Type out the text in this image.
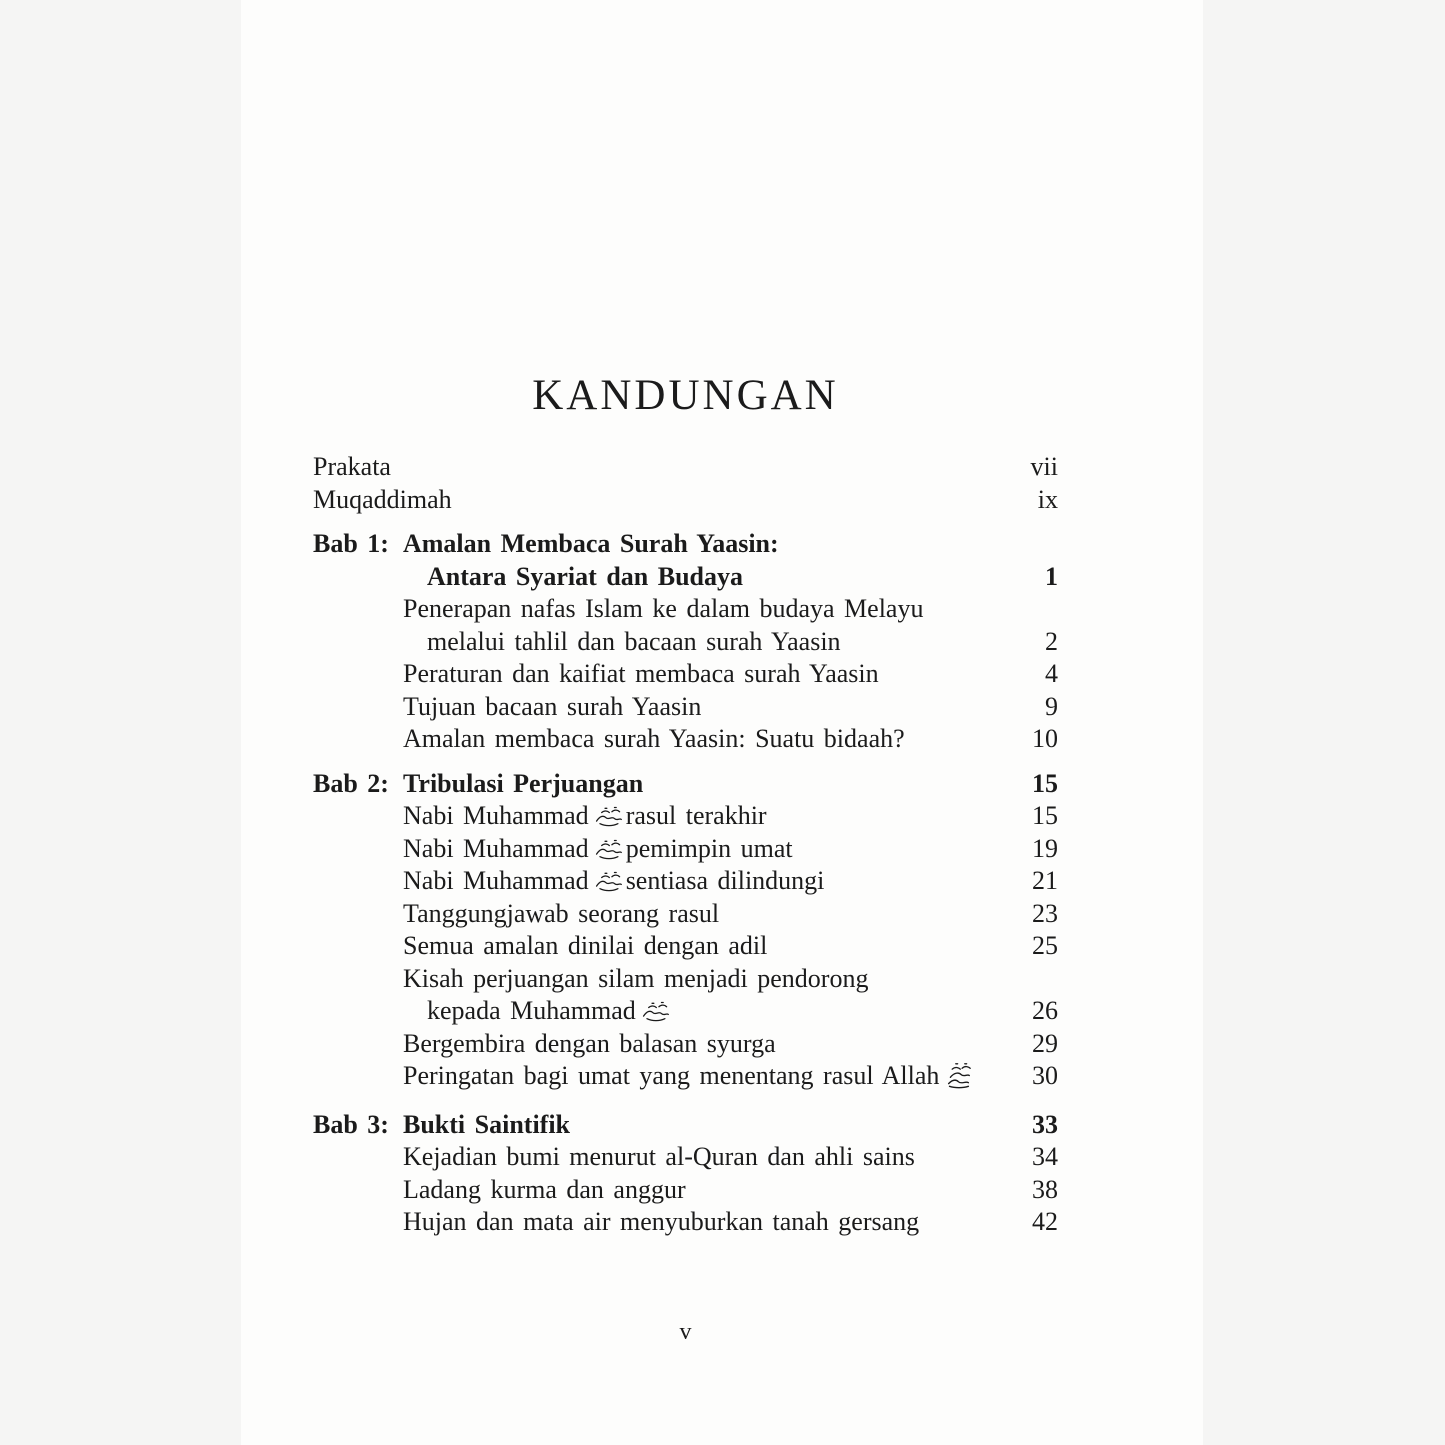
KANDUNGAN
Prakata	vii
Muqaddimah	ix
Bab 1: Amalan Membaca Surah Yaasin:
Antara Syariat dan Budaya	1
Penerapan nafas Islam ke dalam budaya Melayu
melalui tahlil dan bacaan surah Yaasin	2
Peraturan dan kaifiat membaca surah Yaasin	4
Tujuan bacaan surah Yaasin	9
Amalan membaca surah Yaasin: Suatu bidaah?	10
Bab 2: Tribulasi Perjuangan	15
Nabi Muhammad rasul terakhir	15
Nabi Muhammad pemimpin umat	19
Nabi Muhammad sentiasa dilindungi	21
Tanggungjawab seorang rasul	23
Semua amalan dinilai dengan adil	25
Kisah perjuangan silam menjadi pendorong
kepada Muhammad	26
Bergembira dengan balasan syurga	29
Peringatan bagi umat yang menentang rasul Allah	30
Bab 3: Bukti Saintifik	33
Kejadian bumi menurut al-Quran dan ahli sains	34
Ladang kurma dan anggur	38
Hujan dan mata air menyuburkan tanah gersang	42
v
